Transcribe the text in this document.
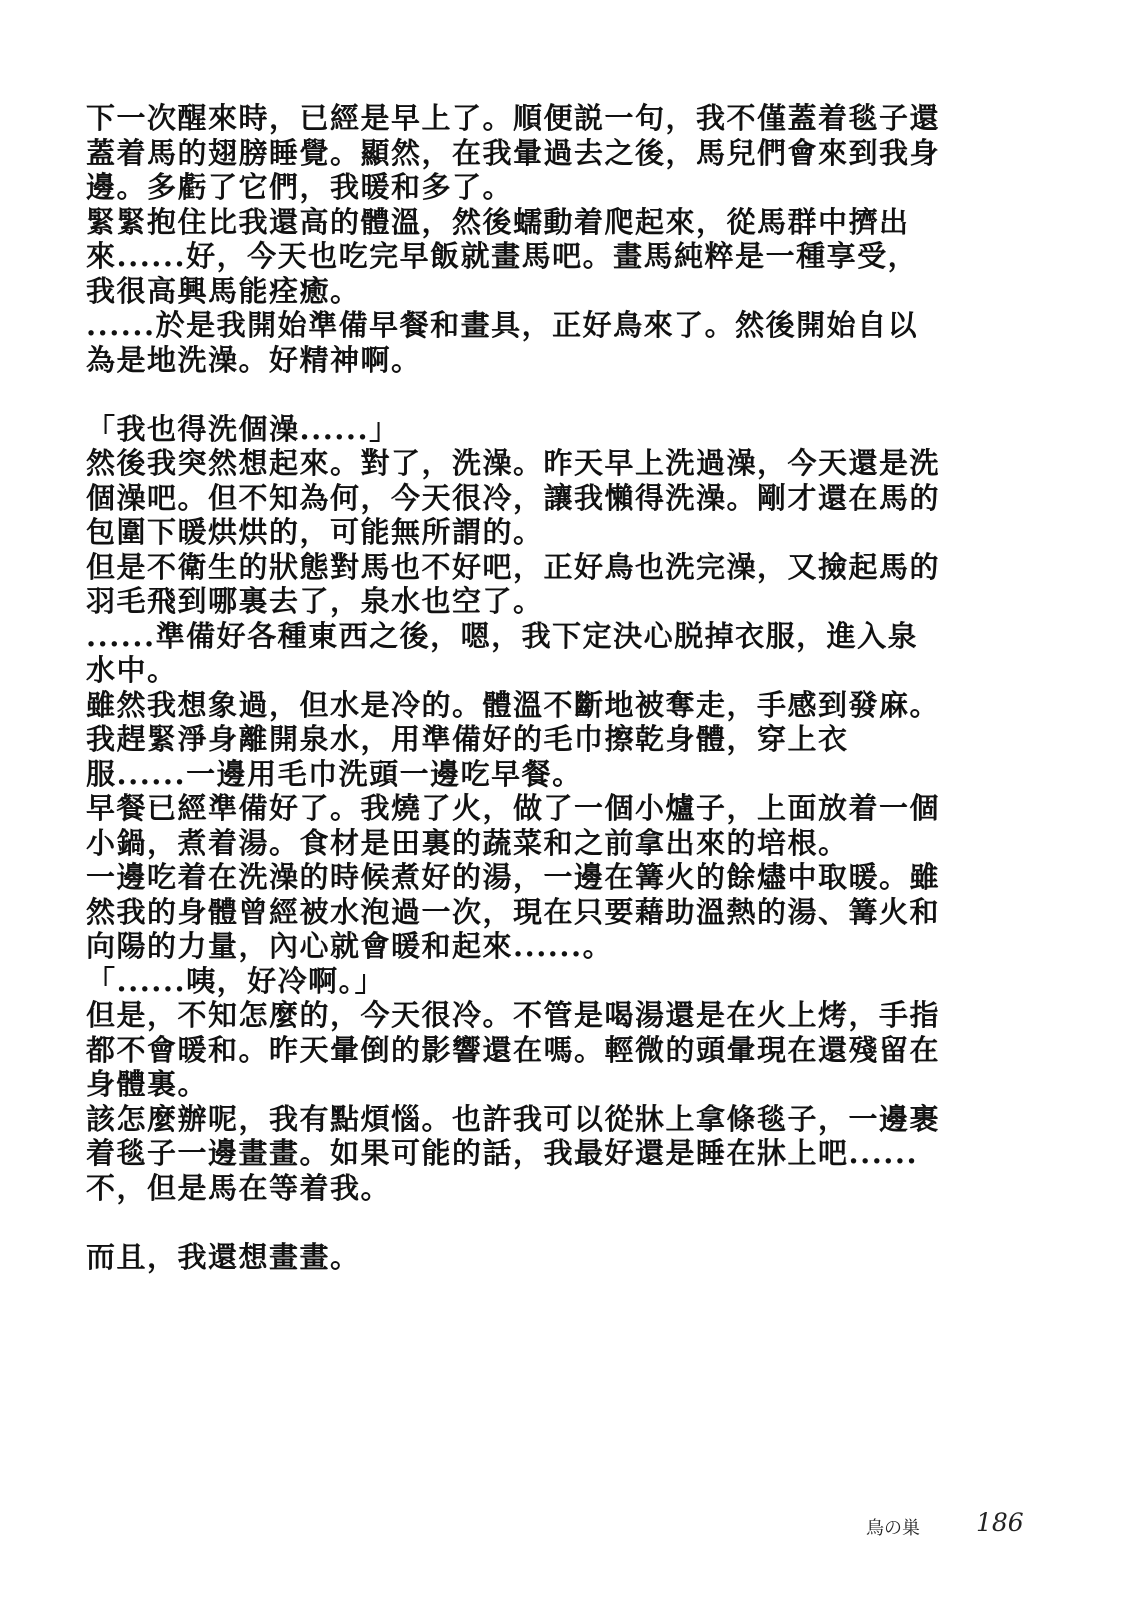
下一次醒來時，已經是早上了。順便説一句，我不僅蓋着毯子還
蓋着馬的翅膀睡覺。顯然，在我暈過去之後，馬兒們會來到我身
邊。多虧了它們，我暖和多了。
緊緊抱住比我還高的體溫，然後蠕動着爬起來，從馬群中擠出
來......好，今天也吃完早飯就畫馬吧。畫馬純粹是一種享受，
我很高興馬能痊癒。
......於是我開始準備早餐和畫具，正好鳥來了。然後開始自以
為是地洗澡。好精神啊。
「我也得洗個澡......」
然後我突然想起來。對了，洗澡。昨天早上洗過澡，今天還是洗
個澡吧。但不知為何，今天很冷，讓我懶得洗澡。剛才還在馬的
包圍下暖烘烘的，可能無所謂的。
但是不衛生的狀態對馬也不好吧，正好鳥也洗完澡，又撿起馬的
羽毛飛到哪裏去了，泉水也空了。
......準備好各種東西之後，嗯，我下定決心脱掉衣服，進入泉
水中。
雖然我想象過，但水是冷的。體溫不斷地被奪走，手感到發麻。
我趕緊淨身離開泉水，用準備好的毛巾擦乾身體，穿上衣
服......一邊用毛巾洗頭一邊吃早餐。
早餐已經準備好了。我燒了火，做了一個小爐子，上面放着一個
小鍋，煮着湯。食材是田裏的蔬菜和之前拿出來的培根。
一邊吃着在洗澡的時候煮好的湯，一邊在篝火的餘燼中取暖。雖
然我的身體曾經被水泡過一次，現在只要藉助溫熱的湯、篝火和
向陽的力量，內心就會暖和起來......。
「......咦，好冷啊。」
但是，不知怎麼的，今天很冷。不管是喝湯還是在火上烤，手指
都不會暖和。昨天暈倒的影響還在嗎。輕微的頭暈現在還殘留在
身體裏。
該怎麼辦呢，我有點煩惱。也許我可以從牀上拿條毯子，一邊裹
着毯子一邊畫畫。如果可能的話，我最好還是睡在牀上吧......
不，但是馬在等着我。
而且，我還想畫畫。
鳥の巣 186
